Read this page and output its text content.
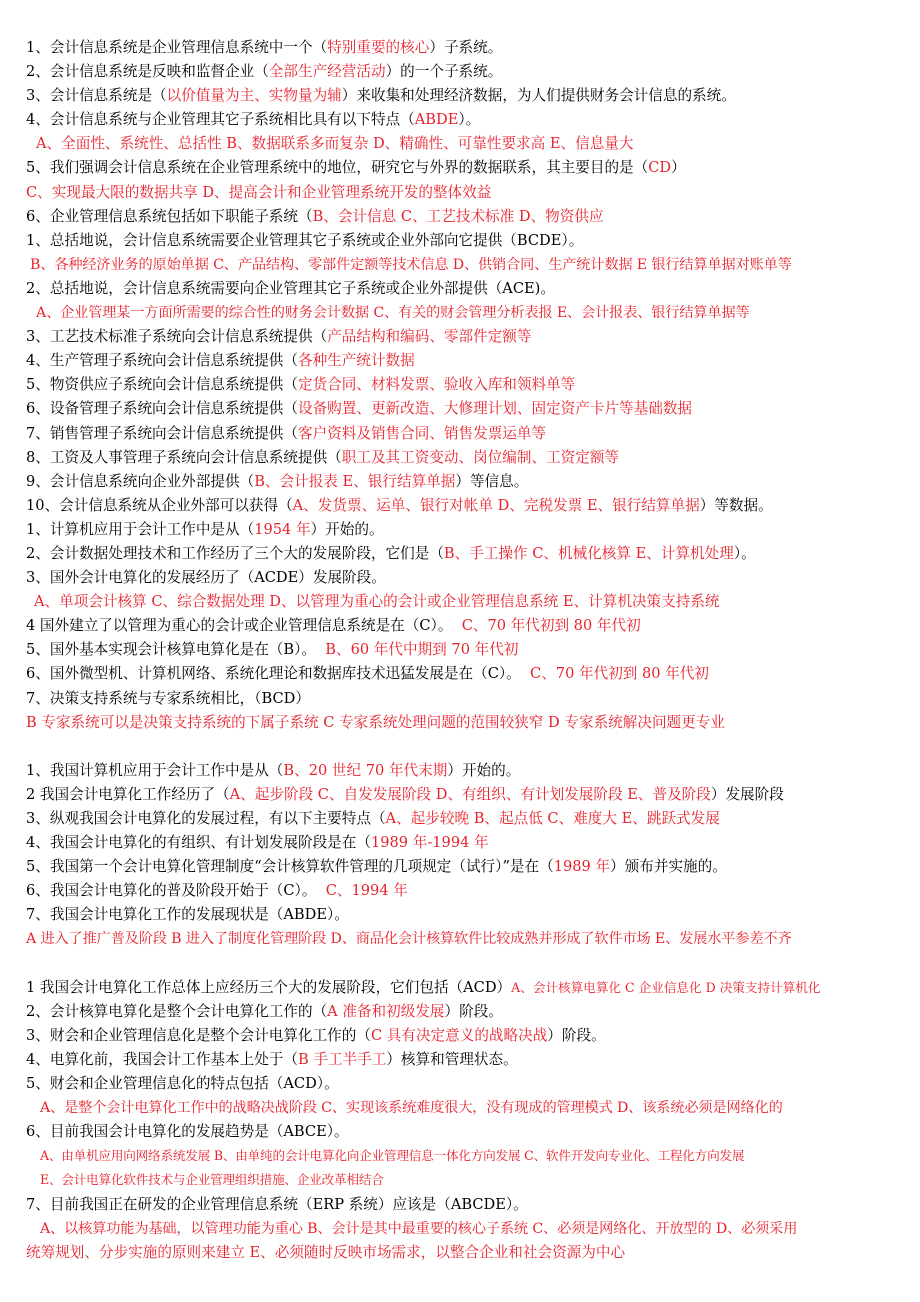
1、会计信息系统是企业管理信息系统中一个（特别重要的核心）子系统。
2、会计信息系统是反映和监督企业（全部生产经营活动）的一个子系统。
3、会计信息系统是（以价值量为主、实物量为辅）来收集和处理经济数据，为人们提供财务会计信息的系统。
4、会计信息系统与企业管理其它子系统相比具有以下特点（ABDE）。
A、全面性、系统性、总括性 B、数据联系多而复杂 D、精确性、可靠性要求高 E、信息量大
5、我们强调会计信息系统在企业管理系统中的地位，研究它与外界的数据联系，其主要目的是（CD）
C、实现最大限的数据共享 D、提高会计和企业管理系统开发的整体效益
6、企业管理信息系统包括如下职能子系统（B、会计信息 C、工艺技术标准 D、物资供应
1、总括地说，会计信息系统需要企业管理其它子系统或企业外部向它提供（BCDE）。
B、各种经济业务的原始单据 C、产品结构、零部件定额等技术信息 D、供销合同、生产统计数据 E 银行结算单据对账单等
2、总括地说，会计信息系统需要向企业管理其它子系统或企业外部提供（ACE)。
A、企业管理某一方面所需要的综合性的财务会计数据 C、有关的财会管理分析表报 E、会计报表、银行结算单据等
3、工艺技术标准子系统向会计信息系统提供（产品结构和编码、零部件定额等
4、生产管理子系统向会计信息系统提供（各种生产统计数据
5、物资供应子系统向会计信息系统提供（定货合同、材料发票、验收入库和领料单等
6、设备管理子系统向会计信息系统提供（设备购置、更新改造、大修理计划、固定资产卡片等基础数据
7、销售管理子系统向会计信息系统提供（客户资料及销售合同、销售发票运单等
8、工资及人事管理子系统向会计信息系统提供（职工及其工资变动、岗位编制、工资定额等
9、会计信息系统向企业外部提供（B、会计报表 E、银行结算单据）等信息。
10、会计信息系统从企业外部可以获得（A、发货票、运单、银行对帐单 D、完税发票 E、银行结算单据）等数据。
1、计算机应用于会计工作中是从（1954 年）开始的。
2、会计数据处理技术和工作经历了三个大的发展阶段，它们是（B、手工操作 C、机械化核算 E、计算机处理）。
3、国外会计电算化的发展经历了（ACDE）发展阶段。
A、单项会计核算 C、综合数据处理 D、以管理为重心的会计或企业管理信息系统 E、计算机决策支持系统
4 国外建立了以管理为重心的会计或企业管理信息系统是在（C）。 C、70 年代初到 80 年代初
5、国外基本实现会计核算电算化是在（B）。 B、60 年代中期到 70 年代初
6、国外微型机、计算机网络、系统化理论和数据库技术迅猛发展是在（C）。 C、70 年代初到 80 年代初
7、决策支持系统与专家系统相比，（BCD）
B 专家系统可以是决策支持系统的下属子系统 C 专家系统处理问题的范围较狭窄 D 专家系统解决问题更专业
1、我国计算机应用于会计工作中是从（B、20 世纪 70 年代末期）开始的。
2 我国会计电算化工作经历了（A、起步阶段 C、自发发展阶段 D、有组织、有计划发展阶段 E、普及阶段）发展阶段
3、纵观我国会计电算化的发展过程，有以下主要特点（A、起步较晚 B、起点低 C、难度大 E、跳跃式发展
4、我国会计电算化的有组织、有计划发展阶段是在（1989 年-1994 年
5、我国第一个会计电算化管理制度“会计核算软件管理的几项规定（试行）”是在（1989 年）颁布并实施的。
6、我国会计电算化的普及阶段开始于（C）。 C、1994 年
7、我国会计电算化工作的发展现状是（ABDE）。
A 进入了推广普及阶段 B 进入了制度化管理阶段 D、商品化会计核算软件比较成熟并形成了软件市场 E、发展水平参差不齐
1 我国会计电算化工作总体上应经历三个大的发展阶段，它们包括（ACD）A、会计核算电算化 C 企业信息化 D 决策支持计算机化
2、会计核算电算化是整个会计电算化工作的（A 准备和初级发展）阶段。
3、财会和企业管理信息化是整个会计电算化工作的（C 具有决定意义的战略决战）阶段。
4、电算化前，我国会计工作基本上处于（B 手工半手工）核算和管理状态。
5、财会和企业管理信息化的特点包括（ACD）。
A、是整个会计电算化工作中的战略决战阶段 C、实现该系统难度很大，没有现成的管理模式 D、该系统必须是网络化的
6、目前我国会计电算化的发展趋势是（ABCE）。
A、由单机应用向网络系统发展 B、由单纯的会计电算化向企业管理信息一体化方向发展 C、软件开发向专业化、工程化方向发展
E、会计电算化软件技术与企业管理组织措施、企业改革相结合
7、目前我国正在研发的企业管理信息系统（ERP 系统）应该是（ABCDE）。
A、以核算功能为基础，以管理功能为重心 B、会计是其中最重要的核心子系统 C、必须是网络化、开放型的 D、必须采用
统筹规划、分步实施的原则来建立 E、必须随时反映市场需求，以整合企业和社会资源为中心
